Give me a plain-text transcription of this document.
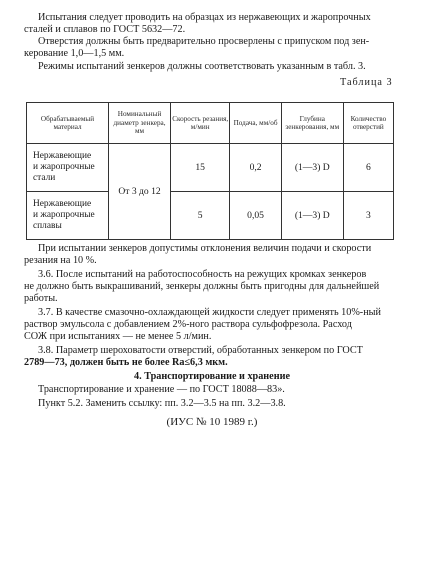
Испытания следует проводить на образцах из нержавеющих и жаропрочных
сталей и сплавов по ГОСТ 5632—72.
Отверстия должны быть предварительно просверлены с припуском под зен-
керование 1,0—1,5 мм.
Режимы испытаний зенкеров должны соответствовать указанным в табл. 3.
Таблица 3
Обрабатываемый материал	Номинальный диаметр зенкера, мм	Скорость резания, м/мин	Подача, мм/об	Глубина зенкерования, мм	Количество отверстий

Нержавеющие
и жаропрочные
стали	От 3 до 12	15	0,2	(1—3) D	6

Нержавеющие
и жаропрочные
сплавы		5	0,05	(1—3) D	3
При испытании зенкеров допустимы отклонения величин подачи и скорости
резания на 10 %.
3.6. После испытаний на работоспособность на режущих кромках зенкеров
не должно быть выкрашиваний, зенкеры должны быть пригодны для дальнейшей
работы.
3.7. В качестве смазочно-охлаждающей жидкости следует применять 10%-ный
раствор эмульсола с добавлением 2%-ного раствора сульфофрезола. Расход
СОЖ при испытаниях — не менее 5 л/мин.
3.8. Параметр шероховатости отверстий, обработанных зенкером по ГОСТ
2789—73, должен быть не более Ra≤6,3 мкм.
4. Транспортирование и хранение
Транспортирование и хранение — по ГОСТ 18088—83».
Пункт 5.2. Заменить ссылку: пп. 3.2—3.5 на пп. 3.2—3.8.
(ИУС № 10 1989 г.)
